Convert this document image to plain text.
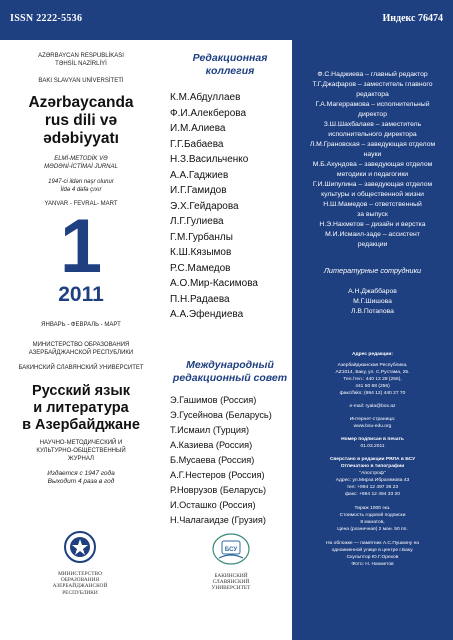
ISSN 2222-5536	Индекс 76474
AZƏRBAYCAN RESPUBLİKASI
TƏHSİL NAZİRLİYİ
BAKI SLAVYAN UNİVERSİTETİ
Azərbaycanda
rus dili və
ədəbiyyatı
ELMİ-METODİK VƏ
MƏDƏNİ-İCTİMAİ JURNAL
1947-ci ildən nəşr olunur
İldə 4 dəfə çıxır
YANVAR - FEVRAL- MART
1
2011
ЯНВАРЬ - ФЕВРАЛЬ - МАРТ
МИНИСТЕРСТВО ОБРАЗОВАНИЯ
АЗЕРБАЙДЖАНСКОЙ РЕСПУБЛИКИ
БАКИНСКИЙ СЛАВЯНСКИЙ УНИВЕРСИТЕТ
Русский язык
и литература
в Азербайджане
НАУЧНО-МЕТОДИЧЕСКИЙ И
КУЛЬТУРНО-ОБЩЕСТВЕННЫЙ
ЖУРНАЛ
Издается с 1947 года
Выходит 4 раза в год
МИНИСТЕРСТВО
ОБРАЗОВАНИЯ
АЗЕРБАЙДЖАНСКОЙ
РЕСПУБЛИКИ
БСУ
БАКИНСКИЙ
СЛАВЯНСКИЙ
УНИВЕРСИТЕТ
Редакционная
коллегия
К.М.Абдуллаев
Ф.И.Алекберова
И.М.Алиева
Г.Г.Бабаева
Н.З.Васильченко
А.А.Гаджиев
И.Г.Гамидов
Э.Х.Гейдарова
Л.Г.Гулиева
Г.М.Гурбанлы
К.Ш.Кязымов
Р.С.Мамедов
А.О.Мир-Касимова
П.Н.Радаева
А.А.Эфендиева
Международный
редакционный совет
Э.Гашимов (Россия)
Э.Гусейнова (Беларусь)
Т.Исмаил (Турция)
А.Казиева (Россия)
Б.Мусаева (Россия)
А.Г.Нестеров (Россия)
Р.Новрузов (Беларусь)
И.Осташко (Россия)
Н.Чалагаидзе (Грузия)
Ф.С.Наджиева – главный редактор
Т.Г.Джафаров – заместитель главного
редактора
Г.А.Магеррамова – исполнительный
директор
З.Ш.Шахбалаев – заместитель
исполнительного директора
Л.М.Грановская – заведующая отделом
науки
М.Б.Ахундова – заведующая отделом
методики и педагогики
Г.И.Шипулина – заведующая отделом
культуры и общественной жизни
Н.Ш.Мамедов – ответственный
за выпуск
Н.Э.Нахметов – дизайн и верстка
М.И.Исмаил-заде – ассистент
редакции
Литературные сотрудники
А.Н.Джаббаров
М.Г.Шишова
Л.В.Потапова
Адрес редакции:
Азербайджанская Республика,
AZ1014, Баку, ул. С.Рустама, 25.
Тел./тел.: 440 13 28 (256),
441 50 68 (256)
факс/faks: (994 12) 440 27 70
e-mail: ryala@box.az
Интернет-страница:
www.bsu-edu.org
Номер подписан в печать
01.03.2011
Сверстано в редакции РЯЛА в БСУ
Отпечатано в типографии
"Апостроф"
Адрес: ул.Мирза Ибрагимова 43
тел: +994 12 497 36 23
факс: +994 12 494 33 20
Тираж 1000 экз.
Стоимость годовой подписки
8 манатов,
Цена (розничная) 2 ман. 50 пп.
На обложке — памятник А.С.Пушкину на
одноименной улице в центре г.Баку.
Скульптор Ю.Г.Орехов
Фото: Н. Нахметов
